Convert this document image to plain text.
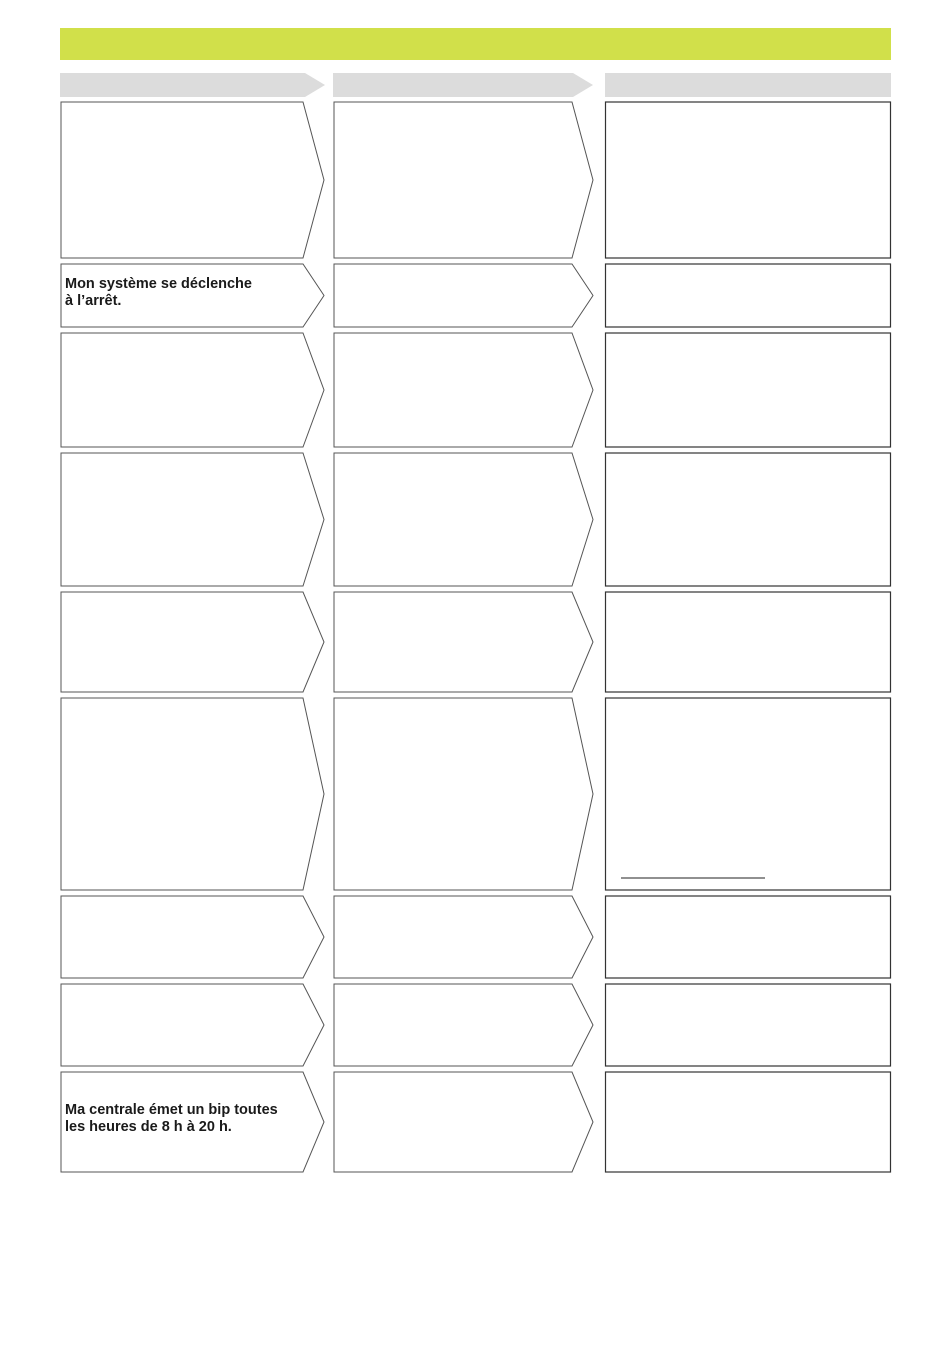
Mon système se déclenche
à l’arrêt.

Ma centrale émet un bip toutes
les heures de 8 h à 20 h.
